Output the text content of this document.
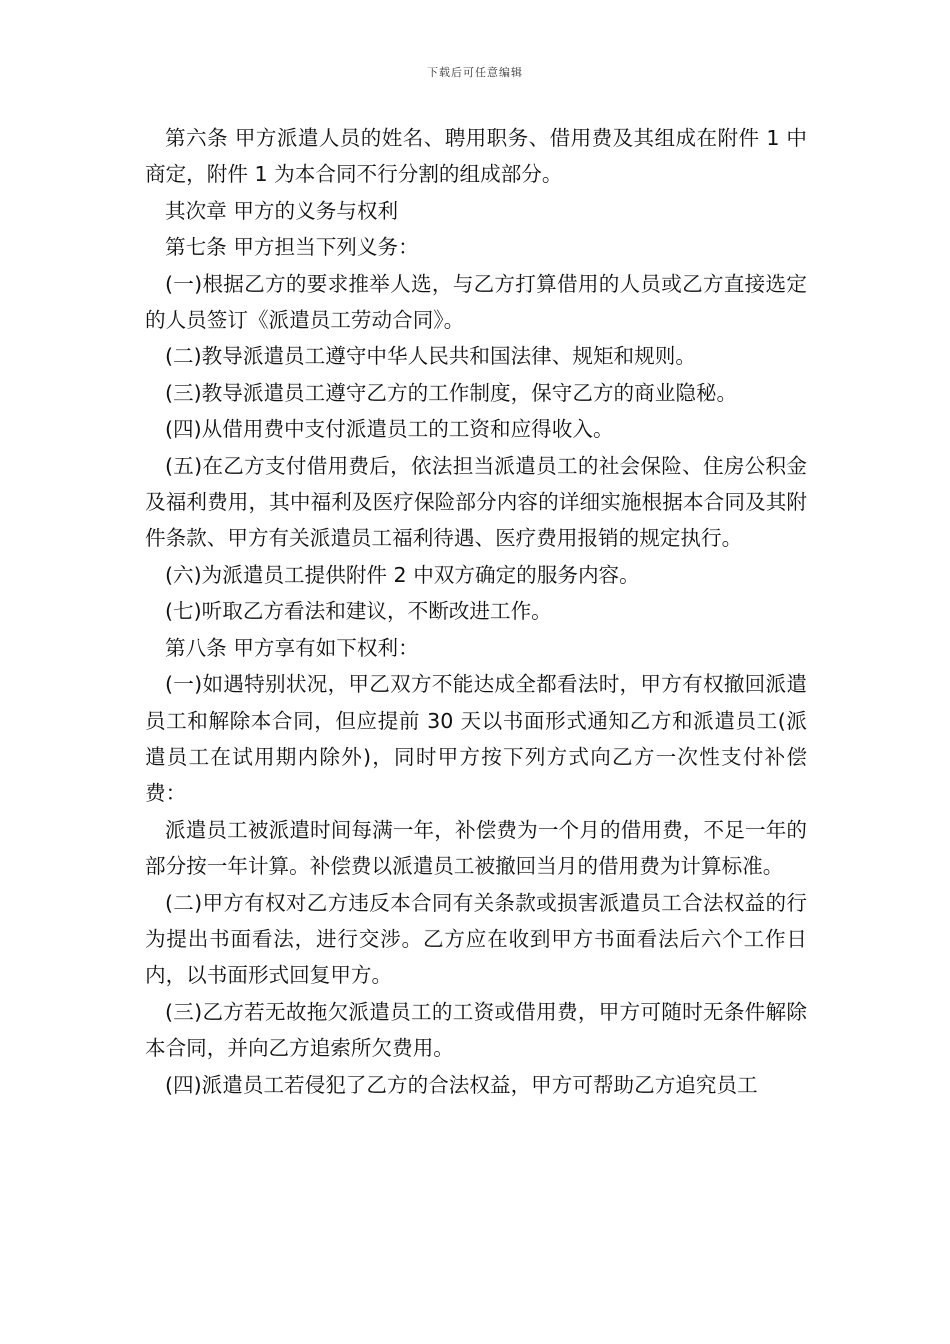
下载后可任意编辑

第六条 甲方派遣人员的姓名、聘用职务、借用费及其组成在附件 1 中商定，附件 1 为本合同不行分割的组成部分。

其次章 甲方的义务与权利

第七条 甲方担当下列义务：

(一)根据乙方的要求推举人选，与乙方打算借用的人员或乙方直接选定的人员签订《派遣员工劳动合同》。

(二)教导派遣员工遵守中华人民共和国法律、规矩和规则。

(三)教导派遣员工遵守乙方的工作制度，保守乙方的商业隐秘。

(四)从借用费中支付派遣员工的工资和应得收入。

(五)在乙方支付借用费后，依法担当派遣员工的社会保险、住房公积金及福利费用，其中福利及医疗保险部分内容的详细实施根据本合同及其附件条款、甲方有关派遣员工福利待遇、医疗费用报销的规定执行。

(六)为派遣员工提供附件 2 中双方确定的服务内容。

(七)听取乙方看法和建议，不断改进工作。

第八条 甲方享有如下权利：

(一)如遇特别状况，甲乙双方不能达成全都看法时，甲方有权撤回派遣员工和解除本合同，但应提前 30 天以书面形式通知乙方和派遣员工(派遣员工在试用期内除外)，同时甲方按下列方式向乙方一次性支付补偿费：

派遣员工被派遣时间每满一年，补偿费为一个月的借用费，不足一年的部分按一年计算。补偿费以派遣员工被撤回当月的借用费为计算标准。

(二)甲方有权对乙方违反本合同有关条款或损害派遣员工合法权益的行为提出书面看法，进行交涉。乙方应在收到甲方书面看法后六个工作日内，以书面形式回复甲方。

(三)乙方若无故拖欠派遣员工的工资或借用费，甲方可随时无条件解除本合同，并向乙方追索所欠费用。

(四)派遣员工若侵犯了乙方的合法权益，甲方可帮助乙方追究员工
